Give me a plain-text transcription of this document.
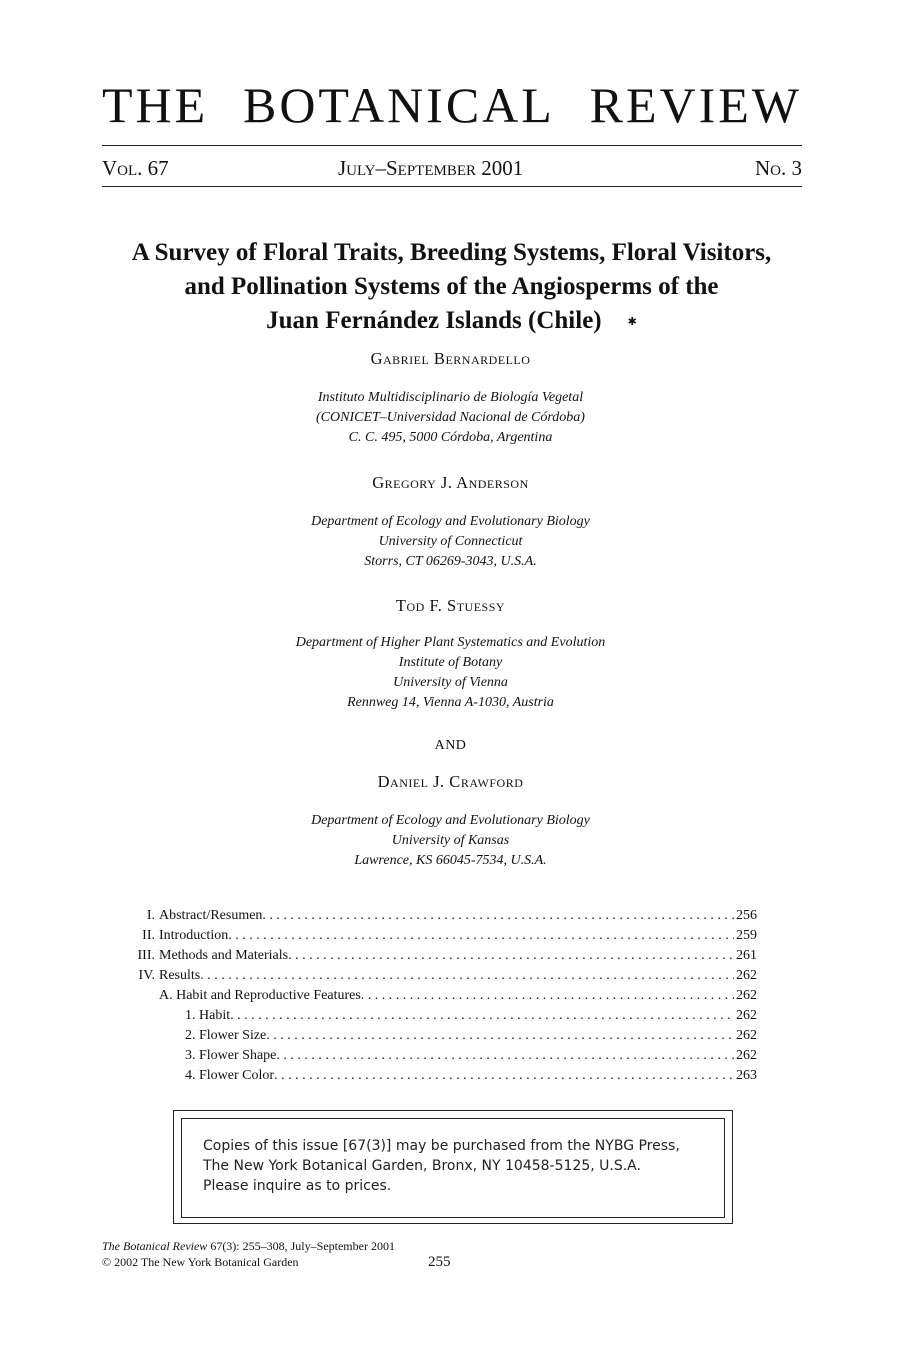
THE BOTANICAL REVIEW
Vol. 67	July–September 2001	No. 3
A Survey of Floral Traits, Breeding Systems, Floral Visitors,
and Pollination Systems of the Angiosperms of the
Juan Fernández Islands (Chile) ✱
Gabriel Bernardello
Instituto Multidisciplinario de Biología Vegetal
(CONICET–Universidad Nacional de Córdoba)
C. C. 495, 5000 Córdoba, Argentina
Gregory J. Anderson
Department of Ecology and Evolutionary Biology
University of Connecticut
Storrs, CT 06269-3043, U.S.A.
Tod F. Stuessy
Department of Higher Plant Systematics and Evolution
Institute of Botany
University of Vienna
Rennweg 14, Vienna A-1030, Austria
AND
Daniel J. Crawford
Department of Ecology and Evolutionary Biology
University of Kansas
Lawrence, KS 66045-7534, U.S.A.
I. Abstract/Resumen . . .	256
II. Introduction . . .	259
III. Methods and Materials . . .	261
IV. Results . . .	262
A. Habit and Reproductive Features . . .	262
1. Habit . . .	262
2. Flower Size . . .	262
3. Flower Shape . . .	262
4. Flower Color . . .	263
Copies of this issue [67(3)] may be purchased from the NYBG Press,
The New York Botanical Garden, Bronx, NY 10458-5125, U.S.A.
Please inquire as to prices.
The Botanical Review 67(3): 255–308, July–September 2001
© 2002 The New York Botanical Garden	255
